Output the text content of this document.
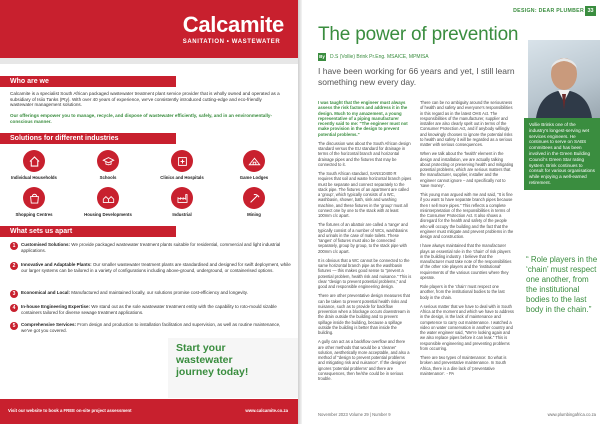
Calcamite
SANITATION • WASTEWATER
Who are we
Calcamite is a specialist South African packaged wastewater treatment plant service provider that is wholly owned and operated as a subsidiary of Isiio Tanks (Pty). With over 40 years of experience, we've consistently introduced cutting-edge and eco-friendly wastewater management solutions.
Our offerings empower you to manage, recycle, and dispose of wastewater efficiently, safely, and in an environmentally-conscious manner.
Solutions for different industries
Individual Households	Schools	Clinics and Hospitals	Game Lodges
Shopping Centres	Housing Developments	Industrial	Mining
What sets us apart
1	Customised Solutions: We provide packaged wastewater treatment plants suitable for residential, commercial and light industrial applications.
2	Innovative and Adaptable Plants: Our smaller wastewater treatment plants are standardised and designed for swift deployment, while our larger systems can be tailored in a variety of configurations including above-ground, underground, or containerised options.
3	Economical and Local: Manufactured and maintained locally, our solutions promise cost-efficiency and longevity.
4	In-house Engineering Expertise: We stand out as the sole wastewater treatment entity with the capability to roto-mould sizable containers tailored for diverse sewage treatment applications.
5	Comprehensive Services: From design and production to installation facilitation and supervision, as well as routine maintenance, we've got you covered.
Start your
wastewater
journey today!
Visit our website to book a FREE on-site project assessment	www.calcamite.co.za
DESIGN: DEAR PLUMBER 33
The power of prevention
By D.S (Vollie) Brink Pr.Eng. MSAICE, MPMISA
I have been working for 66 years and yet, I still learn something new every day.
Vollie Brinks one of the industry's longest-serving wet services engineers. He continues to serve on SABS committees and has been involved in the Green Building Council's Green Star rating system. Brink continues to consult for various organisations while enjoying a well-earned retirement.

I was taught that the engineer must always assess the risk factors and address it in the design. Much to my amazement, a young representative of a piping manufacturer recently said to me: "The engineer must not make provision in the design to prevent potential problems."

The discussion was about the South African design standard versus the EU standard for drainage in terms of the horizontal branch and horizontal drainage pipes and the fixtures that may be connected to it.

The South African standard, SANS10400 R requires that soil and waste horizontal branch pipes must be separate and connect separately to the stack pipe. The fixtures of an apartment are called a 'group', which typically consists of a WC, washbasin, shower, bath, sink and washing machine, and these fixtures in the 'group' must all connect one by one to the stack with at least 100mm c/c apart.

The fixtures of an abattoir are called a 'range' and typically consist of a number of WCs, washbasins and urinals in the case of male toilets. These 'ranges' of fixtures must also be connected separately, group by group, to the stack pipe with 200mm c/c apart.

It is obvious that a WC cannot be connected to the same horizontal branch pipe as the washbasin fixtures — this makes good sense to "prevent a potential problem, health risk and nuisance." This is clear "design to prevent potential problems," and good and responsible engineering design.

There are other preventative design measures that can be taken to prevent potential health risks and nuisance, such as to provide for backflow prevention when a blockage occurs downstream in the drain outside the building and to prevent spillage inside the building, because a spillage outside the building is better than inside the building.

A gully can act as a backflow overflow and there are other methods that would be a 'cleaner' solution, aesthetically more acceptable, and also a method of "design to prevent potential problems and mitigating risk and nuisance". If the designer ignores 'potential problems' and there are consequences, then he/she could be in serious trouble.

There can be no ambiguity around the seriousness of health and safety and everyone's responsibilities in this regard as in the latest OHS Act. The responsibilities of the manufacturer, supplier and installer are also clearly spelt out in terms of the Consumer Protection Act, and if anybody willingly and knowingly chooses to ignore the potential risks to health and safety it will be regarded as a serious matter with serious consequences.

When we talk about the 'health' element in the design and installation, we are actually talking about protecting or preserving health and mitigating potential problems, which are serious matters that the manufacturer, supplier, installer and the engineer cannot ignore – and specifically not to 'save money'.

This young man argued with me and said, "It is fine if you want to have separate branch pipes because then I sell more pipes." This reflects a complete misinterpretation of the responsibilities in terms of the Consumer Protection Act. It also shows a disregard for the health and safety of the people who will occupy the building and the fact that the engineer must mitigate and prevent problems in the design and construction.

I have always maintained that the manufacturer plays an essential role in the 'chain' of risk players in the building industry. I believe that the manufacturer must take note of the responsibilities of the other role players and the 'institutional' requirements of the various countries where they operate.

Role players in the 'chain' must respect one another, from the institutional bodies to the last body in the chain.

A serious matter that we have to deal with in South Africa at the moment and which we have to address in the design, is the lack of maintenance and competence to carry out maintenance. I watched a video on water conservation in another country and the water engineer said, "We're looking again and we also replace pipes before it can leak." This is responsible engineering and preventing problems from occurring.

There are two types of maintenance: So what is broken and preventative maintenance. In South Africa, there is a dire lack of 'preventative maintenance'. - PA

“ Role players in the ‘chain’ must respect one another, from the institutional bodies to the last body in the chain.”
November 2023 Volume 29 | Number 9	www.plumbingafrica.co.za
